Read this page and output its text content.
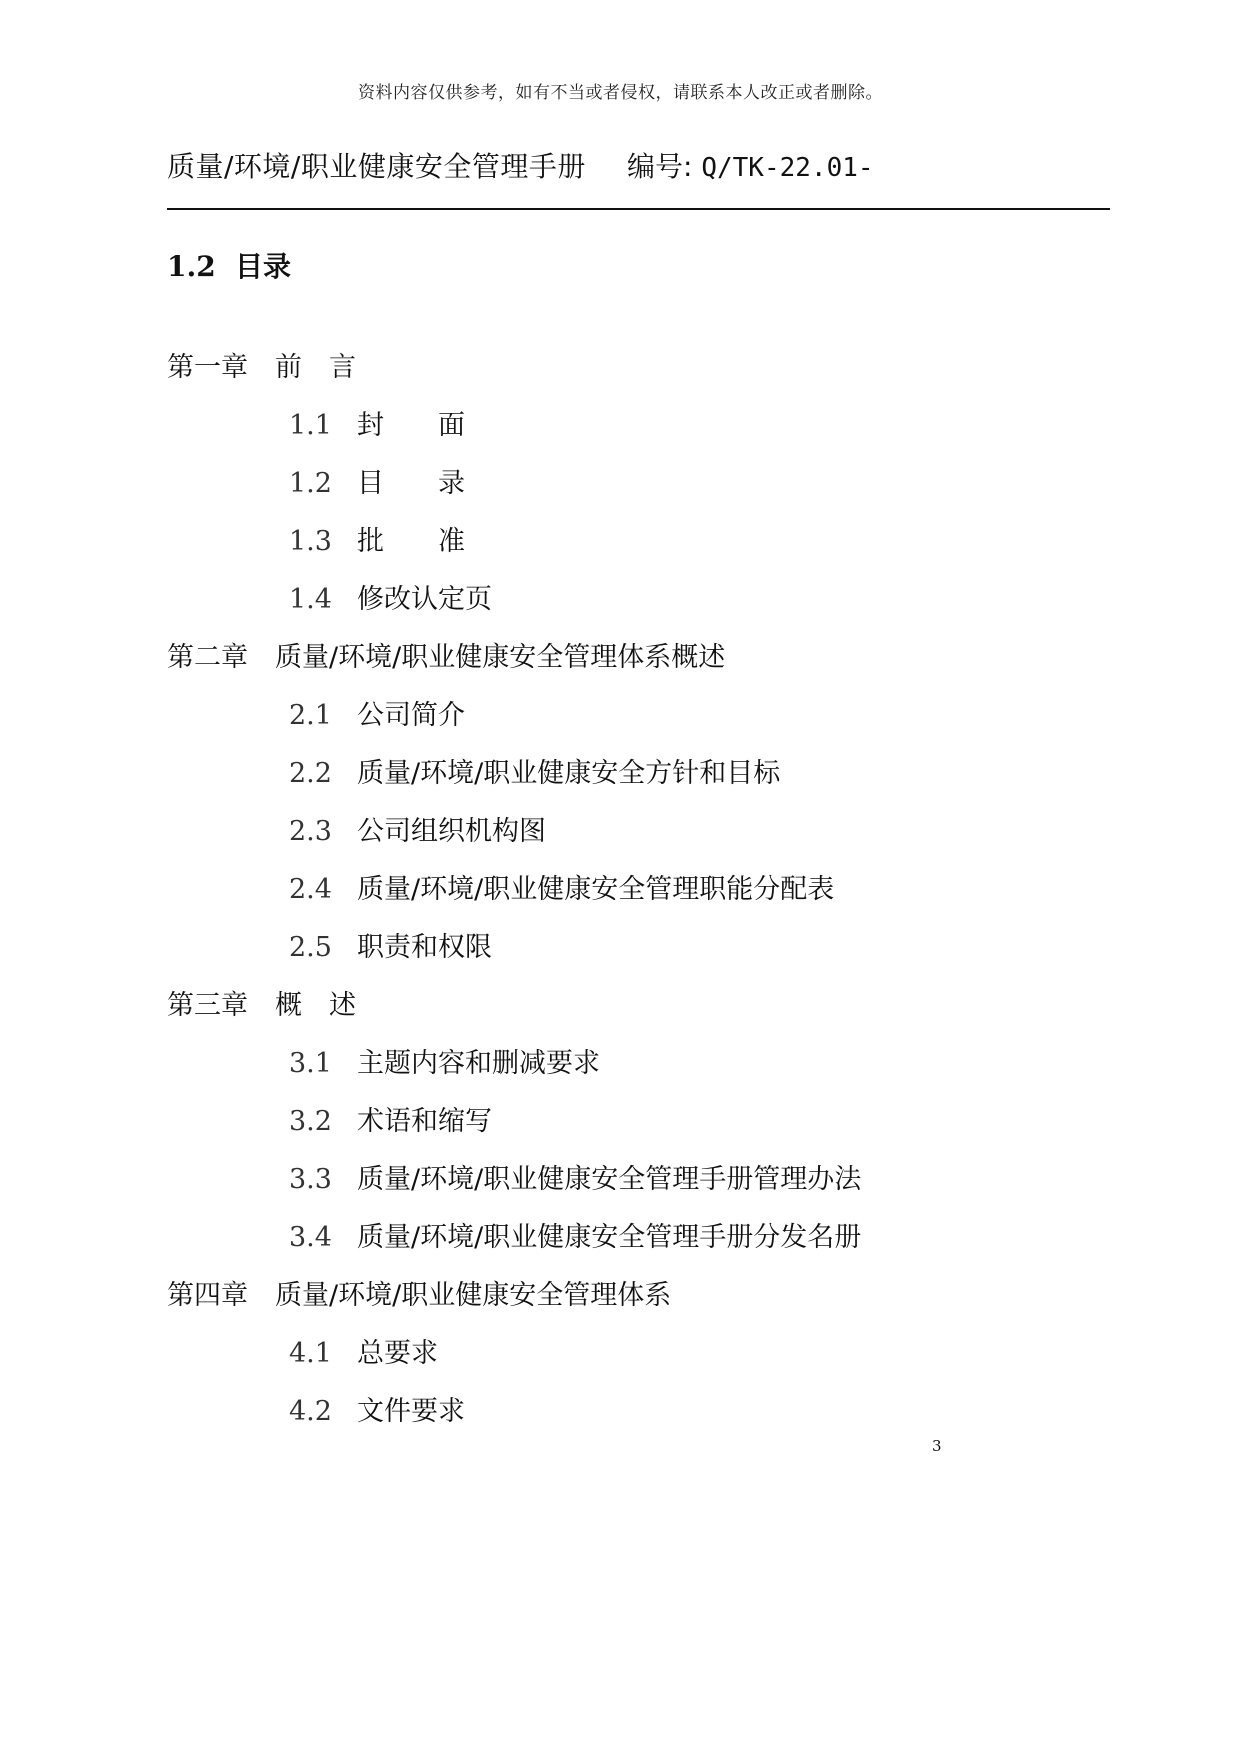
资料内容仅供参考，如有不当或者侵权，请联系本人改正或者删除。
质量/环境/职业健康安全管理手册 编号: Q/TK-22.01-
1.2 目录
第一章 前　言
1.1 封　　面
1.2 目　　录
1.3 批　　准
1.4 修改认定页
第二章 质量/环境/职业健康安全管理体系概述
2.1 公司简介
2.2 质量/环境/职业健康安全方针和目标
2.3 公司组织机构图
2.4 质量/环境/职业健康安全管理职能分配表
2.5 职责和权限
第三章 概　述
3.1 主题内容和删减要求
3.2 术语和缩写
3.3 质量/环境/职业健康安全管理手册管理办法
3.4 质量/环境/职业健康安全管理手册分发名册
第四章 质量/环境/职业健康安全管理体系
4.1 总要求
4.2 文件要求
3
